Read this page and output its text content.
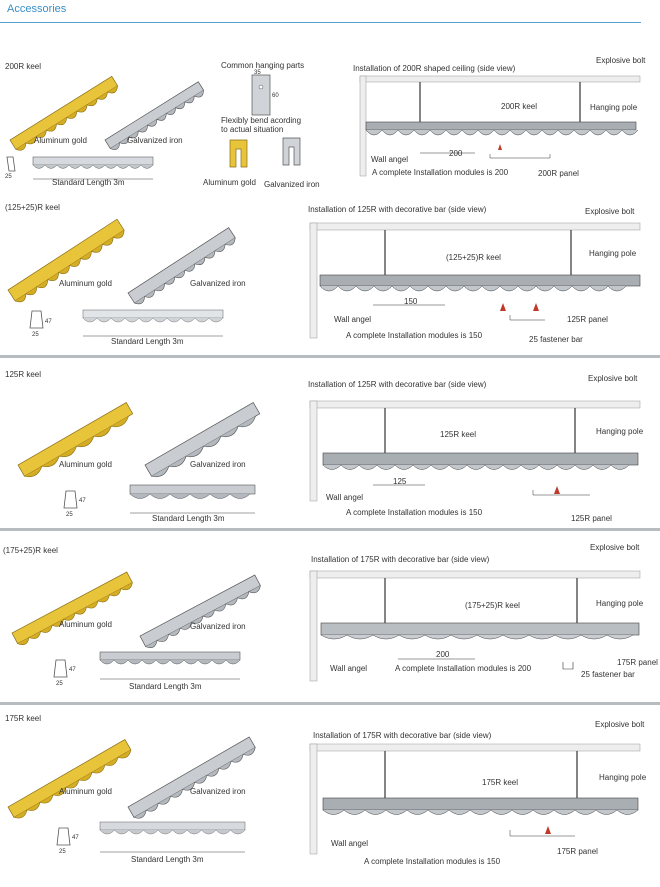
Accessories
200R keel
Aluminum gold	Galvanized iron
25
Standard Length 3m
Common hanging parts
35
60
Flexibly bend acording
to actual situation
Aluminum gold Galvanized iron
Installation of 200R shaped ceiling (side view)
Explosive bolt
Hanging pole
200R keel
200
Wall angel
A complete Installation modules is 200	200R panel
(125+25)R keel
Aluminum gold	Galvanized iron
47
25
Standard Length 3m
Installation of 125R with decorative bar (side view)	Explosive bolt
Hanging pole
(125+25)R keel
150
Wall angel	125R panel
A complete Installation modules is 150	25 fastener bar
125R keel
Aluminum gold	Galvanized iron
47
25	Standard Length 3m
Installation of 125R with decorative bar (side view)
Explosive bolt
Hanging pole
125R keel
125
Wall angel
A complete Installation modules is 150
125R panel
(175+25)R keel
Aluminum gold	Galvanized iron
47
25	Standard Length 3m
Installation of 175R with decorative bar (side view)
Explosive bolt
Hanging pole
(175+25)R keel
200
175R panel
Wall angel	A complete Installation modules is 200
25 fastener bar
175R keel
Aluminum gold	Galvanized iron
47
25
Standard Length 3m
Installation of 175R with decorative bar (side view)
Explosive bolt
Hanging pole
175R keel
Wall angel
175R panel
A complete Installation modules is 150
